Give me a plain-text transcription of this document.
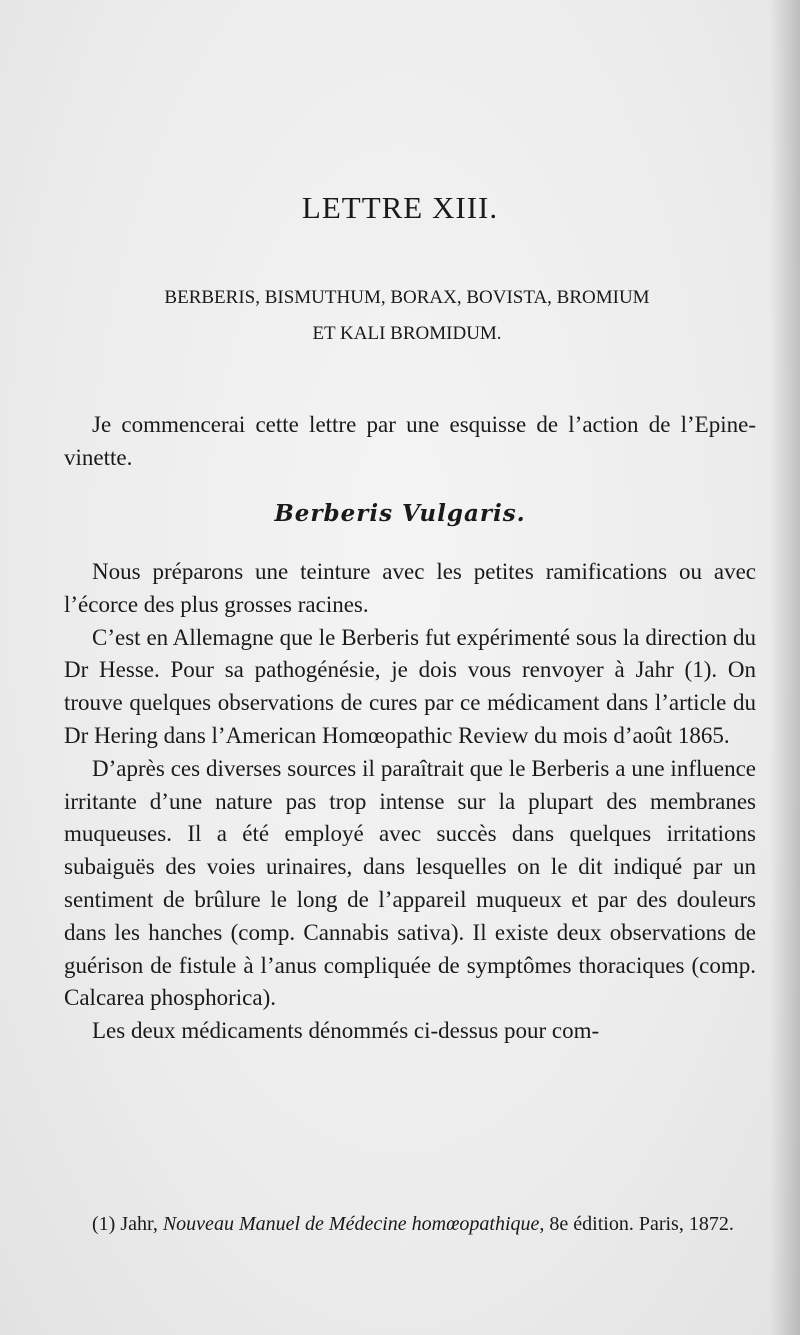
LETTRE XIII.
BERBERIS, BISMUTHUM, BORAX, BOVISTA, BROMIUM
ET KALI BROMIDUM.

Je commencerai cette lettre par une esquisse de l’action de l’Epine-vinette.

Berberis Vulgaris.

Nous préparons une teinture avec les petites ramifications ou avec l’écorce des plus grosses racines.

C’est en Allemagne que le Berberis fut expérimenté sous la direction du Dr Hesse. Pour sa pathogénésie, je dois vous renvoyer à Jahr (1). On trouve quelques observations de cures par ce médicament dans l’article du Dr Hering dans l’American Homœopathic Review du mois d’août 1865.

D’après ces diverses sources il paraîtrait que le Berberis a une influence irritante d’une nature pas trop intense sur la plupart des membranes muqueuses. Il a été employé avec succès dans quelques irritations subaiguës des voies urinaires, dans lesquelles on le dit indiqué par un sentiment de brûlure le long de l’appareil muqueux et par des douleurs dans les hanches (comp. Cannabis sativa). Il existe deux observations de guérison de fistule à l’anus compliquée de symptômes thoraciques (comp. Calcarea phosphorica).

Les deux médicaments dénommés ci-dessus pour com-

(1) Jahr, Nouveau Manuel de Médecine homœopathique, 8e édition. Paris, 1872.
